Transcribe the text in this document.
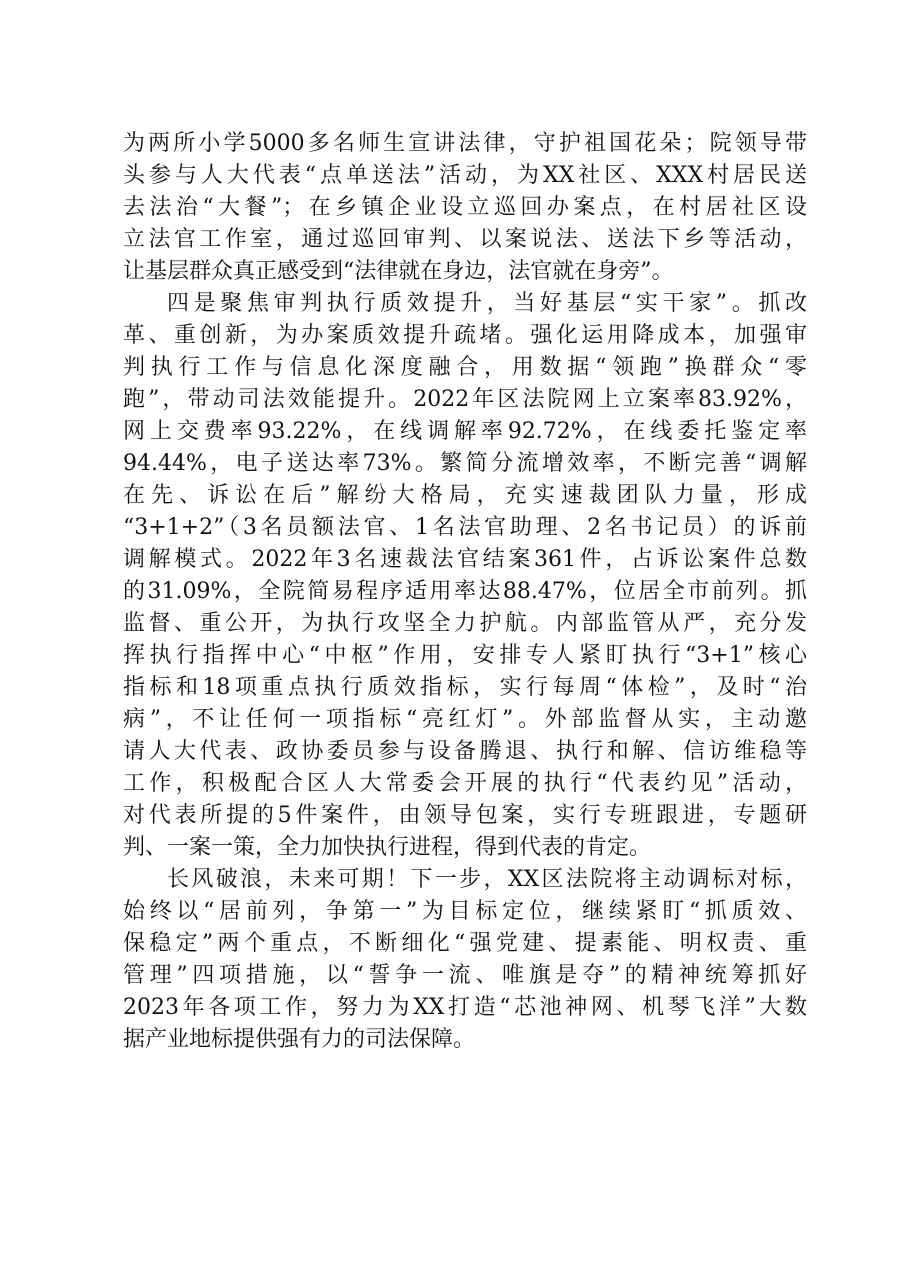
为两所小学5000多名师生宣讲法律，守护祖国花朵；院领导带
头参与人大代表“点单送法”活动，为XX社区、XXX村居民送
去法治“大餐”；在乡镇企业设立巡回办案点，在村居社区设
立法官工作室，通过巡回审判、以案说法、送法下乡等活动，
让基层群众真正感受到“法律就在身边，法官就在身旁”。
四是聚焦审判执行质效提升，当好基层“实干家”。抓改
革、重创新，为办案质效提升疏堵。强化运用降成本，加强审
判执行工作与信息化深度融合，用数据“领跑”换群众“零
跑”，带动司法效能提升。2022年区法院网上立案率83.92%，
网上交费率93.22%，在线调解率92.72%，在线委托鉴定率
94.44%，电子送达率73%。繁简分流增效率，不断完善“调解
在先、诉讼在后”解纷大格局，充实速裁团队力量，形成
“3+1+2”（3名员额法官、1名法官助理、2名书记员）的诉前
调解模式。2022年3名速裁法官结案361件，占诉讼案件总数
的31.09%，全院简易程序适用率达88.47%，位居全市前列。抓
监督、重公开，为执行攻坚全力护航。内部监管从严，充分发
挥执行指挥中心“中枢”作用，安排专人紧盯执行“3+1”核心
指标和18项重点执行质效指标，实行每周“体检”，及时“治
病”，不让任何一项指标“亮红灯”。外部监督从实，主动邀
请人大代表、政协委员参与设备腾退、执行和解、信访维稳等
工作，积极配合区人大常委会开展的执行“代表约见”活动，
对代表所提的5件案件，由领导包案，实行专班跟进，专题研
判、一案一策，全力加快执行进程，得到代表的肯定。
长风破浪，未来可期！下一步，XX区法院将主动调标对标，
始终以“居前列，争第一”为目标定位，继续紧盯“抓质效、
保稳定”两个重点，不断细化“强党建、提素能、明权责、重
管理”四项措施，以“誓争一流、唯旗是夺”的精神统筹抓好
2023年各项工作，努力为XX打造“芯池神网、机琴飞洋”大数
据产业地标提供强有力的司法保障。
